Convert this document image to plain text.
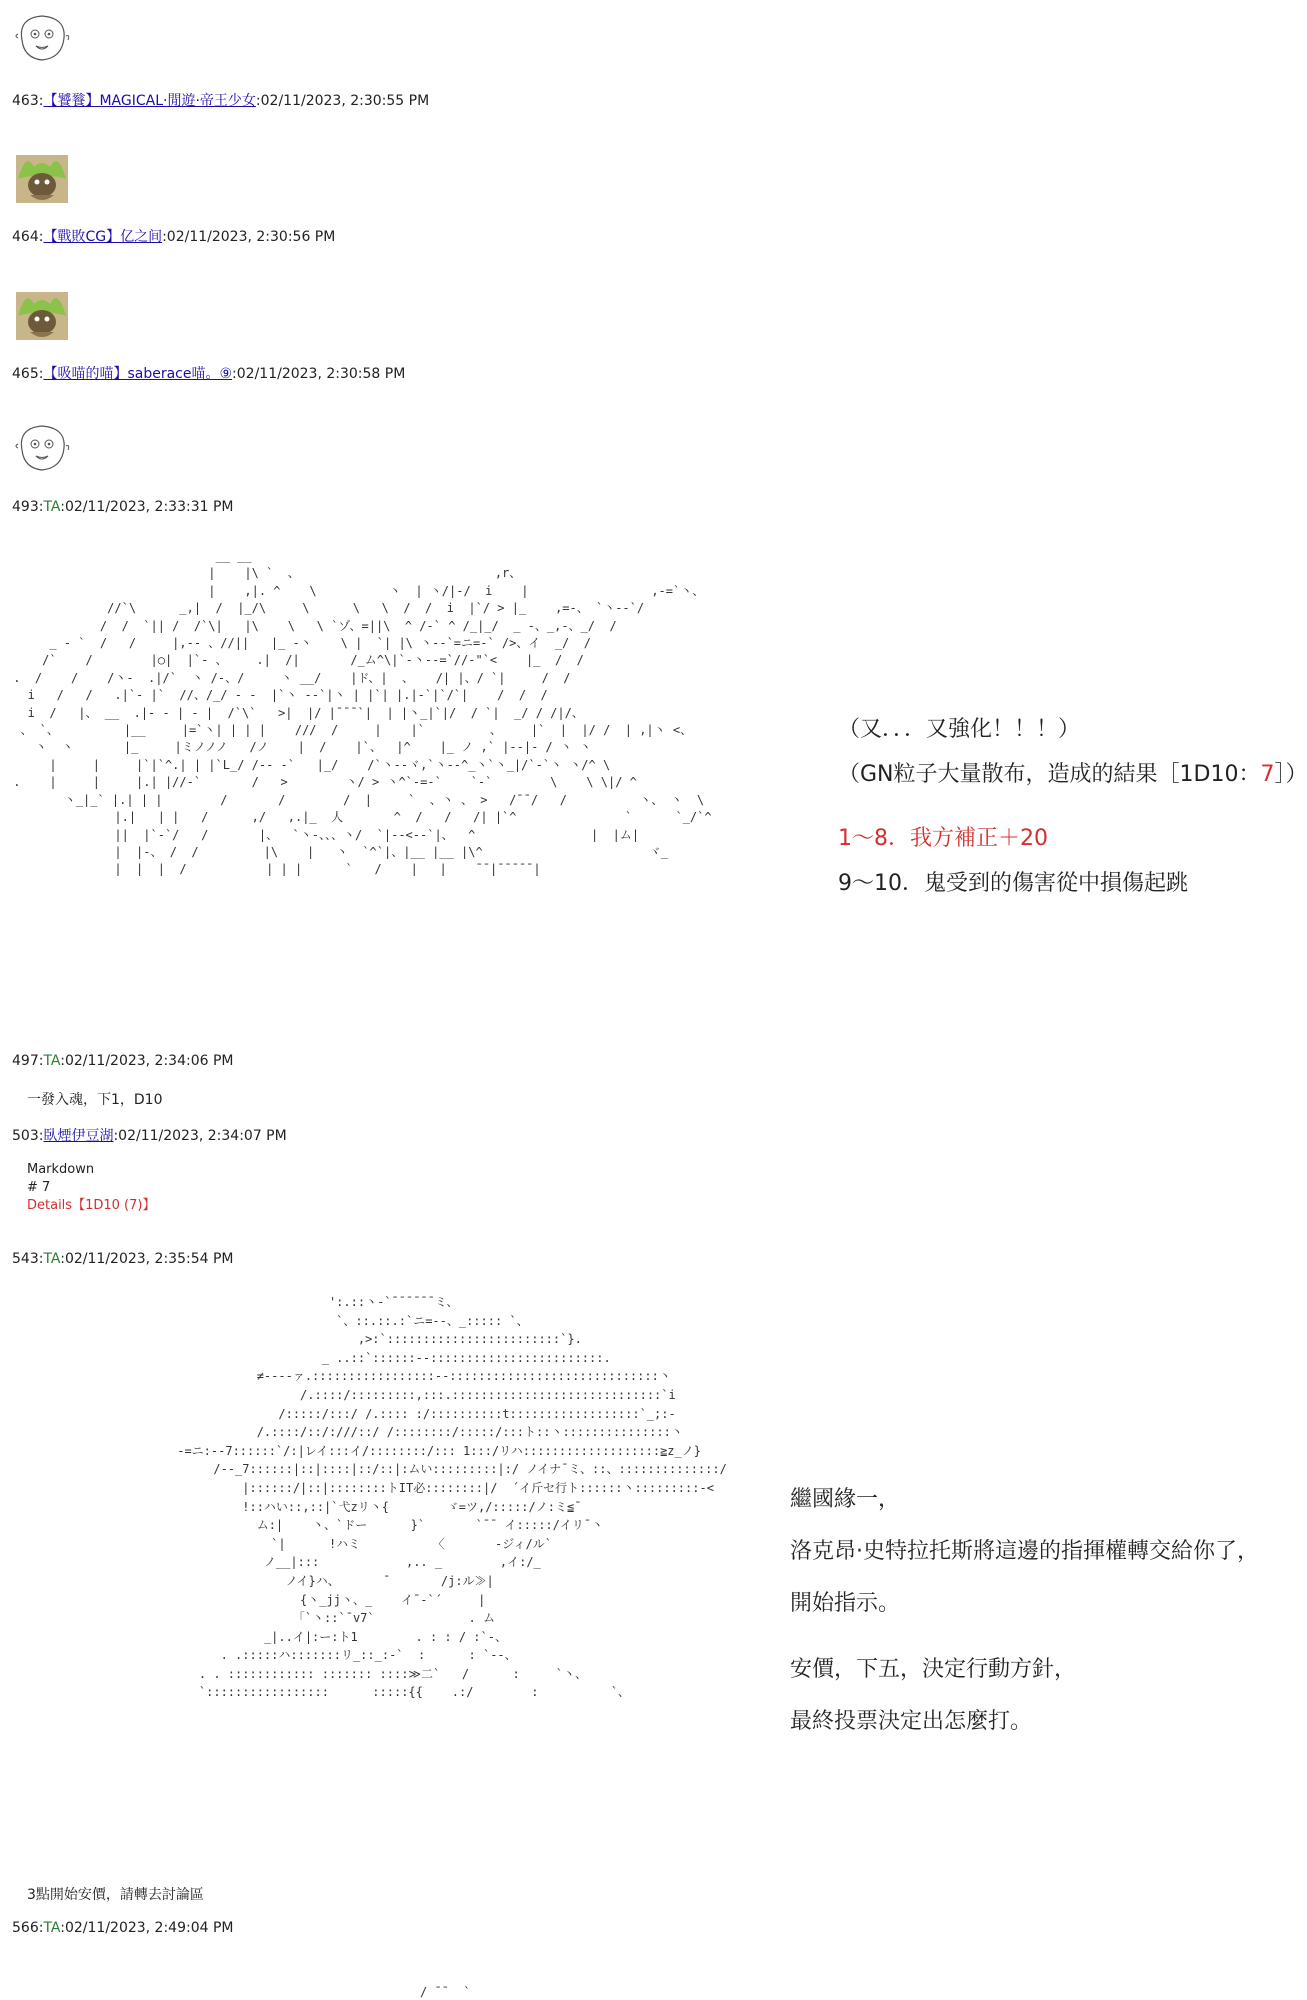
463:【饕餮】MAGICAL·閒遊·帝王少女:02/11/2023, 2:30:55 PM
464:【戰敗CG】亿之间:02/11/2023, 2:30:56 PM
465:【吸喵的喵】saberace喵。⑨:02/11/2023, 2:30:58 PM
493:TA:02/11/2023, 2:33:31 PM
__ __
|    |\ `  、                           ,r、
|    ,|. ^    \          丶  | 丶/|-/  i    |                 ,-=`丶、
//`\      _,|  /  |_/\     \      \   \  /  /  i  |`/ > |_    ,=-、 `丶--`/
/  /  `|| /  /`\|   |\    \   \ `ゾ、=||\  ^ /-` ^ /_|_/  _ -、_,-、_/  /
_ - `  /   /     |,-- 、//||   |_ -丶    \ |  `| |\ 丶--`=ニ=-` />、イ  _/  /
/`    /        |○|  |`- 、    .|  /|       /_ム^\|`-丶--=`//-"`<    |_  /  /
.  /    /    /丶-  .|/`  丶 /-、/     丶 __/    |ド、|  、   /| |、/ `|     /  /
i   /   /   .|`- |`  //、/_/ - -  |`丶 --`|丶 | |`| |.|-`|`/`|    /  /  /
i  /   |、 __  .|- - | - |  /`\`   >|  |/ |¯¯¯`|  | |丶_|`|/  / `|  _/ / /|/、
、 `、         |__     |=`丶| | | |    ///  /     |    |`         、    |`  |  |/ /  | ,|丶 <、
丶  丶       |_     |ミノノノ   /ノ    |  /    |`、  |^    |_ ノ ,` |--|- / 丶 丶
|     |     |`|`^.| | |`L_/ /-- -`   |_/    /`丶--ヾ,`丶--^_丶`丶_|/`-`丶 丶/^ \
.    |     |     |.| |//-`       /   >        丶/ > 丶^`-=-`    `-`        \    \ \|/ ^
丶_|_` |.| | |        /       /        /  |     `  、丶 、 >   /¯¯/   /          丶、 丶  \
|.|   | |   /      ,/   ,.|_  人       ^  /   /   /| |`^               `      `_/`^
||  |`-`/   /       |、  `丶-、、、丶/  `|--<--`|、  ^                |  |ム|
|  |-、 /  /         |\    |   丶  `^`|、|__ |__ |\^                       ヾ_
|  |  |  /           | | |      `   /    |   |    ¯¯|¯¯¯¯¯|

（又．．．又強化！！！）

（GN粒子大量散布，造成的結果［1D10：7］）

1～8．我方補正＋20

9～10．鬼受到的傷害從中損傷起跳

497:TA:02/11/2023, 2:34:06 PM
一發入魂，下1，D10
503:臥煙伊豆湖:02/11/2023, 2:34:07 PM
Markdown
# 7
Details【1D10 (7)】
543:TA:02/11/2023, 2:35:54 PM
':.::丶-`¯¯¯¯¯¯ミ、
`、::.::.:`ニ=--、_::::: `、
,>:`::::::::::::::::::::::::`}.
_ ..::`::::::--::::::::::::::::::::::::.
≠----ァ.:::::::::::::::::--:::::::::::::::::::::::::::::丶
/.::::/:::::::::,:::.:::::::::::::::::::::::::::::`i
/:::::/:::/ /.:::: :/::::::::::t::::::::::::::::::`_;:-
/.::::/::/:///::/ /::::::::/:::::/:::ト::丶:::::::::::::::丶
-=ニ:--7::::::`/:|レイ:::イ/::::::::/::: 1:::/リハ:::::::::::::::::::≧z_ノ}
/--_7::::::|::|::::|::/::|:ムい:::::::::|:/ ノイナ¯ミ、::、::::::::::::::/
|::::::/|::|::::::::トIT必::::::::|/  ´イ斤セ行ト::::::丶:::::::::-<
!::ハい::,::|`弋zリ丶{        ゞ=ツ,/:::::/ノ:ミ≦¯
ム:|    丶、`ドー      }`       `¯¯ イ:::::/イリ¯丶
`|      !ハミ          〈       -ジィ/ル`
ノ__|:::            ,.. _        ,イ:/_
ノイ}ハ、      ¯       /j:ル≫|
{丶_jj丶、_    イ¯-`´     |
「`丶::`¯v7`             . ム
_|..イ|:ー:ト1        . : : / :`-、
. .:::::ハ:::::::リ_::_:-`  :      : `--、
. . :::::::::::: ::::::: ::::≫二`   /      :     `丶、
`:::::::::::::::::      :::::{{    .:/        :          `、

繼國緣一，

洛克昂·史特拉托斯將這邊的指揮權轉交給你了，

開始指示。

安價，下五，決定行動方針，

最終投票決定出怎麼打。

3點開始安價，請轉去討論區
566:TA:02/11/2023, 2:49:04 PM
/ ¯¯  `
